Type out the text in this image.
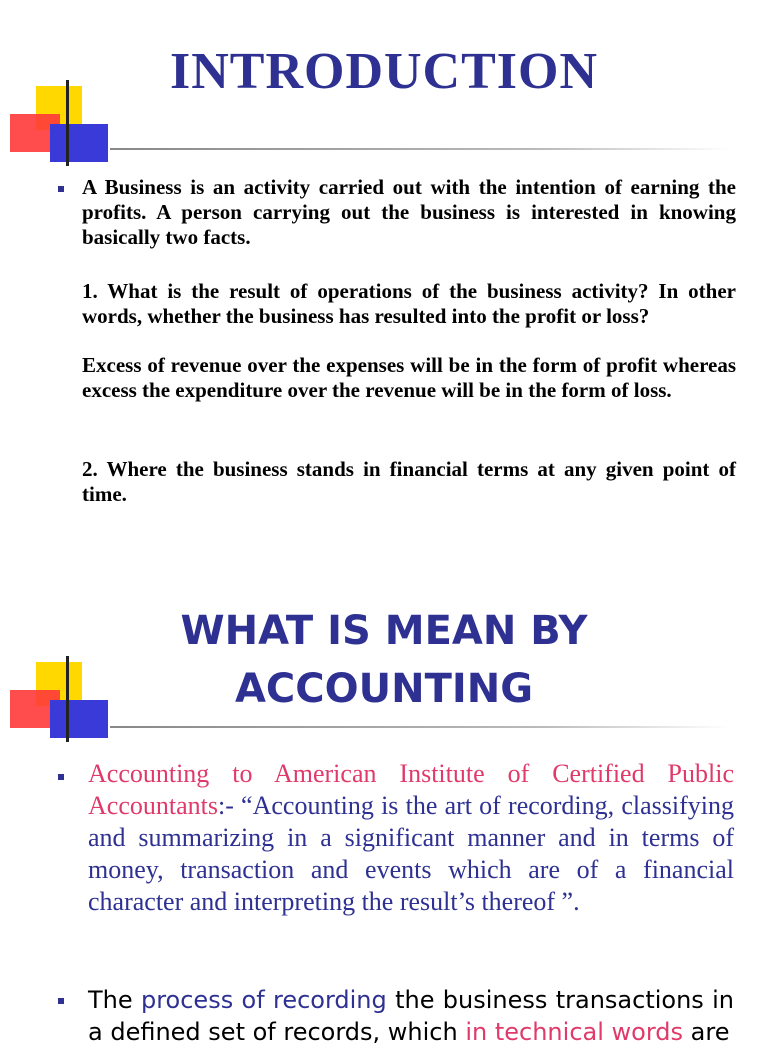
INTRODUCTION

A Business is an activity carried out with the intention of earning the profits. A person carrying out the business is interested in knowing basically two facts.

1. What is the result of operations of the business activity? In other words, whether the business has resulted into the profit or loss?

Excess of revenue over the expenses will be in the form of profit whereas excess the expenditure over the revenue will be in the form of loss.

2. Where the business stands in financial terms at any given point of time.

WHAT IS MEAN BY
ACCOUNTING

Accounting to American Institute of Certified Public Accountants:- “Accounting is the art of recording, classifying and summarizing in a significant manner and in terms of money, transaction and events which are of a financial character and interpreting the result’s thereof ”.

The process of recording the business transactions in a defined set of records, which in technical words are
